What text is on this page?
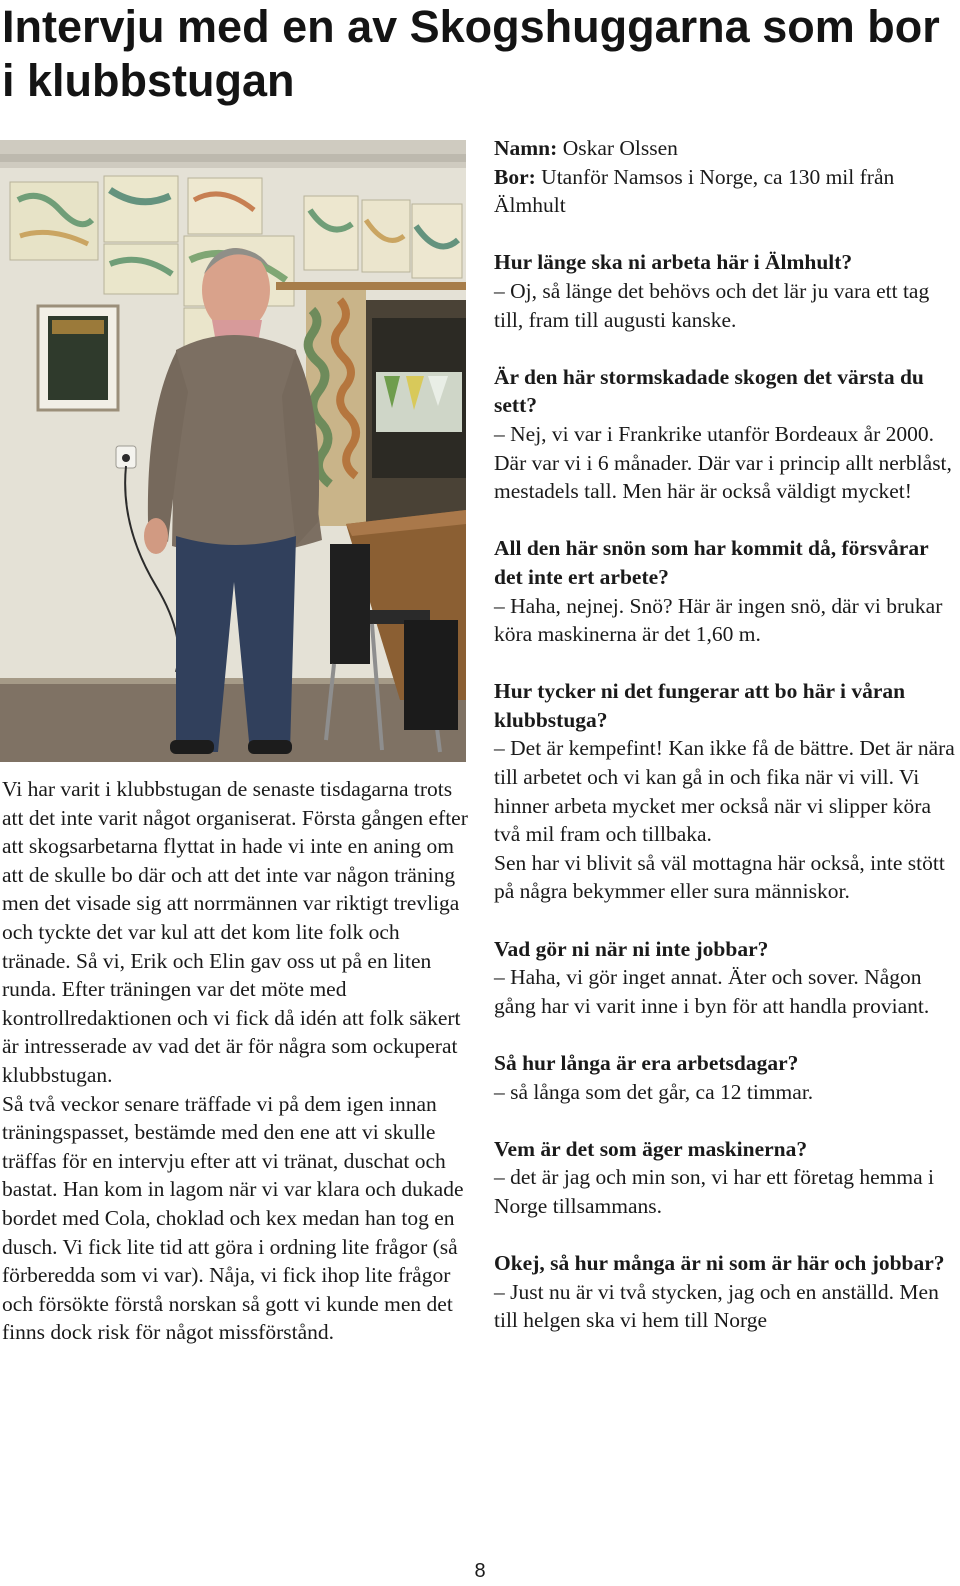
Intervju med en av Skogshuggarna som bor i klubbstugan

Vi har varit i klubbstugan de senaste tisdagarna trots att det inte varit något organiserat. Första gången efter att skogsarbetarna flyttat in hade vi inte en aning om att de skulle bo där och att det inte var någon träning men det visade sig att norrmännen var riktigt trevliga och tyckte det var kul att det kom lite folk och tränade. Så vi, Erik och Elin gav oss ut på en liten runda. Efter träningen var det möte med kontrollredaktionen och vi fick då idén att folk säkert är intresserade av vad det är för några som ockuperat klubbstugan.

Så två veckor senare träffade vi på dem igen innan träningspasset, bestämde med den ene att vi skulle träffas för en intervju efter att vi tränat, duschat och bastat. Han kom in lagom när vi var klara och dukade bordet med Cola, choklad och kex medan han tog en dusch. Vi fick lite tid att göra i ordning lite frågor (så förberedda som vi var). Nåja, vi fick ihop lite frågor och försökte förstå norskan så gott vi kunde men det finns dock risk för något missförstånd.

Namn: Oskar Olssen
Bor: Utanför Namsos i Norge, ca 130 mil från Älmhult

Hur länge ska ni arbeta här i Älmhult?

– Oj, så länge det behövs och det lär ju vara ett tag till, fram till augusti kanske.

Är den här stormskadade skogen det värsta du sett?

– Nej, vi var i Frankrike utanför Bordeaux år 2000. Där var vi i 6 månader. Där var i princip allt nerblåst, mestadels tall. Men här är också väldigt mycket!

All den här snön som har kommit då, försvårar det inte ert arbete?

– Haha, nejnej. Snö? Här är ingen snö, där vi brukar köra maskinerna är det 1,60 m.

Hur tycker ni det fungerar att bo här i våran klubbstuga?

– Det är kempefint! Kan ikke få de bättre. Det är nära till arbetet och vi kan gå in och fika när vi vill. Vi hinner arbeta mycket mer också när vi slipper köra två mil fram och tillbaka.

Sen har vi blivit så väl mottagna här också, inte stött på några bekymmer eller sura människor.

Vad gör ni när ni inte jobbar?

– Haha, vi gör inget annat. Äter och sover. Någon gång har vi varit inne i byn för att handla proviant.

Så hur långa är era arbetsdagar?

– så långa som det går, ca 12 timmar.

Vem är det som äger maskinerna?

– det är jag och min son, vi har ett företag hemma i Norge tillsammans.

Okej, så hur många är ni som är här och jobbar?

– Just nu är vi två stycken, jag och en anställd. Men till helgen ska vi hem till Norge

8
